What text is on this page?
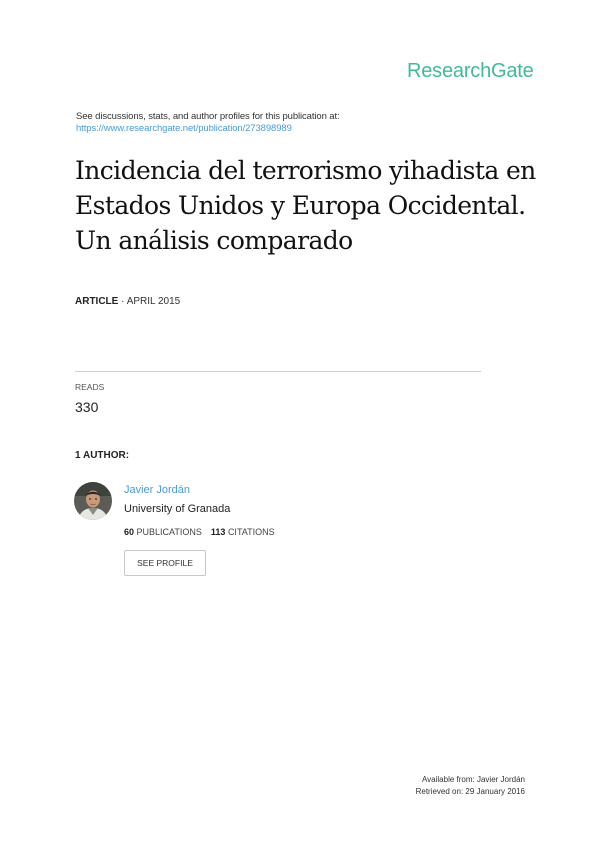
ResearchGate
See discussions, stats, and author profiles for this publication at:
https://www.researchgate.net/publication/273898989
Incidencia del terrorismo yihadista en Estados Unidos y Europa Occidental. Un análisis comparado
ARTICLE · APRIL 2015
READS
330
1 AUTHOR:
Javier Jordán
University of Granada
60 PUBLICATIONS 113 CITATIONS
SEE PROFILE
Available from: Javier Jordán
Retrieved on: 29 January 2016
